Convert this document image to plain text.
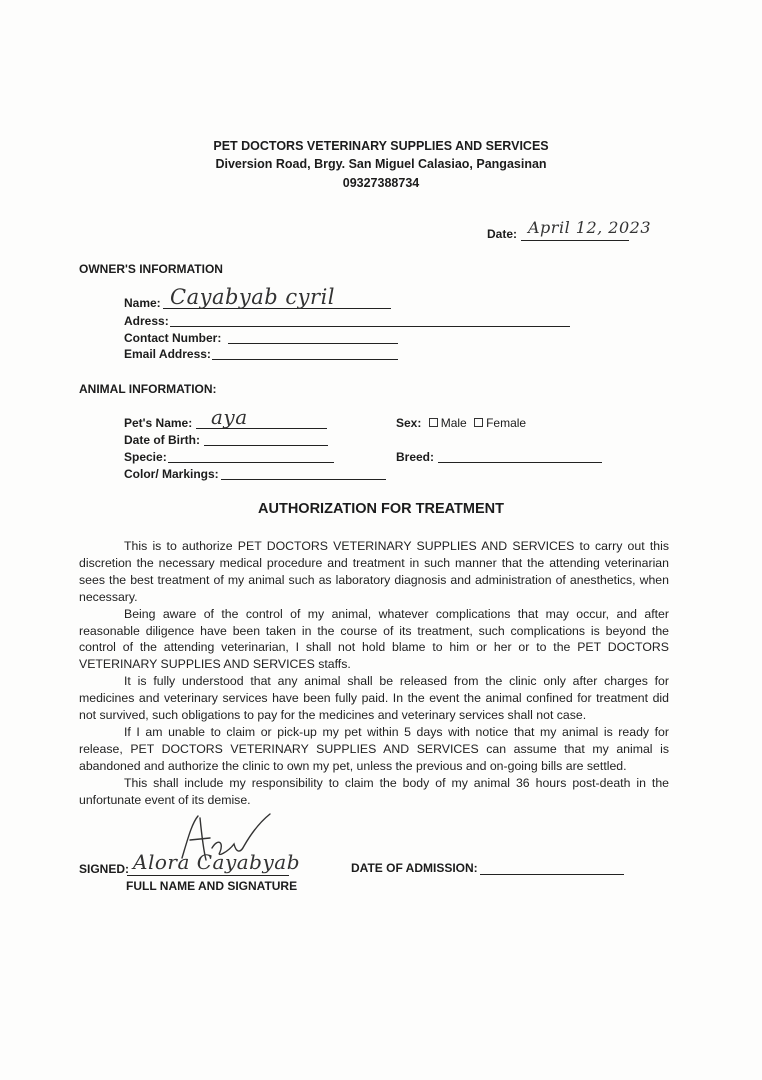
PET DOCTORS VETERINARY SUPPLIES AND SERVICES
Diversion Road, Brgy. San Miguel Calasiao, Pangasinan
09327388734
Date: April 12, 2023
OWNER'S INFORMATION
Name: Cayabyab cyril
Adress:
Contact Number:
Email Address:
ANIMAL INFORMATION:
Pet's Name: aya
Date of Birth:
Specie:
Color/ Markings:
Sex: Male Female
Breed:
AUTHORIZATION FOR TREATMENT

This is to authorize PET DOCTORS VETERINARY SUPPLIES AND SERVICES to carry out this discretion the necessary medical procedure and treatment in such manner that the attending veterinarian sees the best treatment of my animal such as laboratory diagnosis and administration of anesthetics, when necessary.

Being aware of the control of my animal, whatever complications that may occur, and after reasonable diligence have been taken in the course of its treatment, such complications is beyond the control of the attending veterinarian, I shall not hold blame to him or her or to the PET DOCTORS VETERINARY SUPPLIES AND SERVICES staffs.

It is fully understood that any animal shall be released from the clinic only after charges for medicines and veterinary services have been fully paid. In the event the animal confined for treatment did not survived, such obligations to pay for the medicines and veterinary services shall not case.

If I am unable to claim or pick-up my pet within 5 days with notice that my animal is ready for release, PET DOCTORS VETERINARY SUPPLIES AND SERVICES can assume that my animal is abandoned and authorize the clinic to own my pet, unless the previous and on-going bills are settled.

This shall include my responsibility to claim the body of my animal 36 hours post-death in the unfortunate event of its demise.

SIGNED: Alora Cayabyab
FULL NAME AND SIGNATURE
DATE OF ADMISSION:
